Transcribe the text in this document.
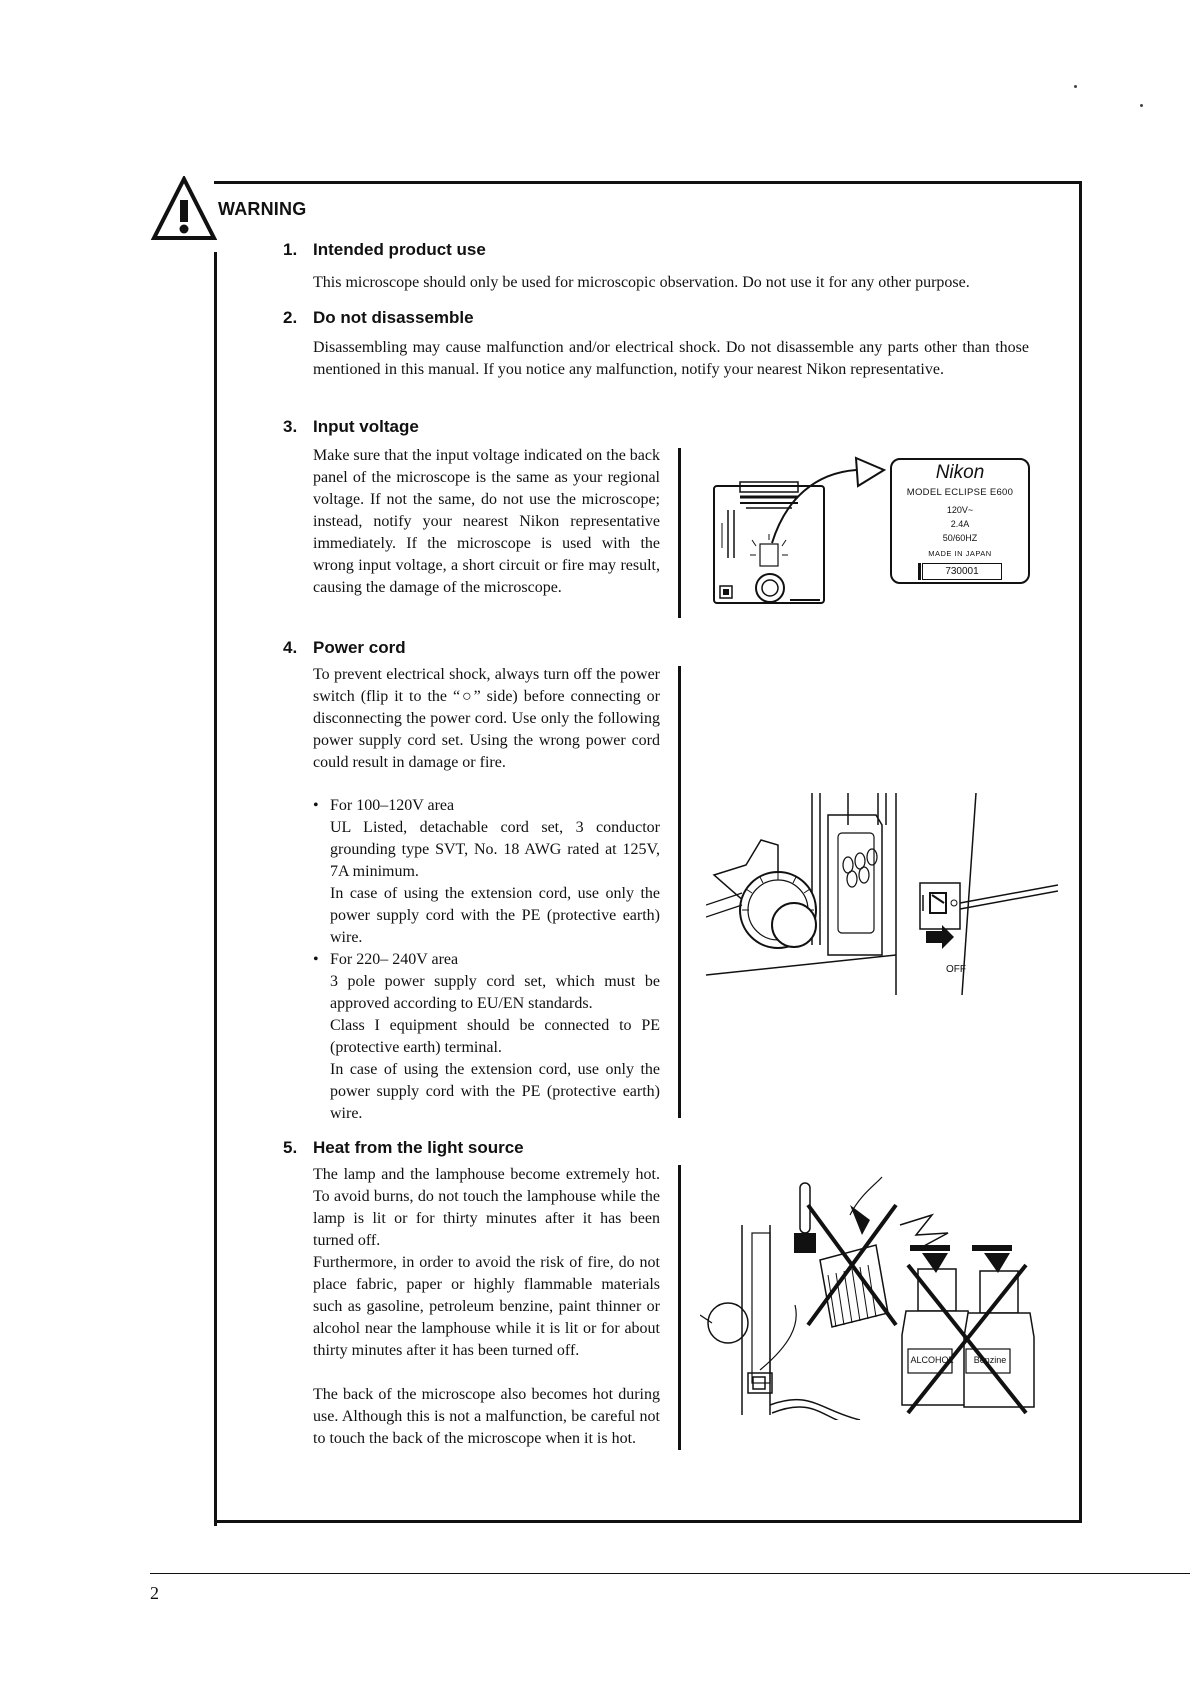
WARNING
1. Intended product use

This microscope should only be used for microscopic observation. Do not use it for any other purpose.

2. Do not disassemble

Disassembling may cause malfunction and/or electrical shock. Do not disassemble any parts other than those mentioned in this manual. If you notice any malfunction, notify your nearest Nikon representative.

3. Input voltage

Make sure that the input voltage indicated on the back panel of the microscope is the same as your regional voltage. If not the same, do not use the microscope; instead, notify your nearest Nikon representative immediately. If the microscope is used with the wrong input voltage, a short circuit or fire may result, causing the damage of the microscope.

Nikon
MODEL ECLIPSE E600
120V~
2.4A
50/60HZ
MADE IN JAPAN
730001
4. Power cord

To prevent electrical shock, always turn off the power switch (flip it to the “○” side) before connecting or disconnecting the power cord. Use only the following power supply cord set. Using the wrong power cord could result in damage or fire.

• For 100–120V area

UL Listed, detachable cord set, 3 conductor grounding type SVT, No. 18 AWG rated at 125V, 7A minimum.

In case of using the extension cord, use only the power supply cord with the PE (protective earth) wire.

• For 220– 240V area

3 pole power supply cord set, which must be approved according to EU/EN standards.

Class I equipment should be connected to PE (protective earth) terminal.

In case of using the extension cord, use only the power supply cord with the PE (protective earth) wire.

OFF
5. Heat from the light source

The lamp and the lamphouse become extremely hot. To avoid burns, do not touch the lamphouse while the lamp is lit or for thirty minutes after it has been turned off.

Furthermore, in order to avoid the risk of fire, do not place fabric, paper or highly flammable materials such as gasoline, petroleum benzine, paint thinner or alcohol near the lamphouse while it is lit or for about thirty minutes after it has been turned off.

The back of the microscope also becomes hot during use. Although this is not a malfunction, be careful not to touch the back of the microscope when it is hot.

ALCOHOL	Benzine
2
